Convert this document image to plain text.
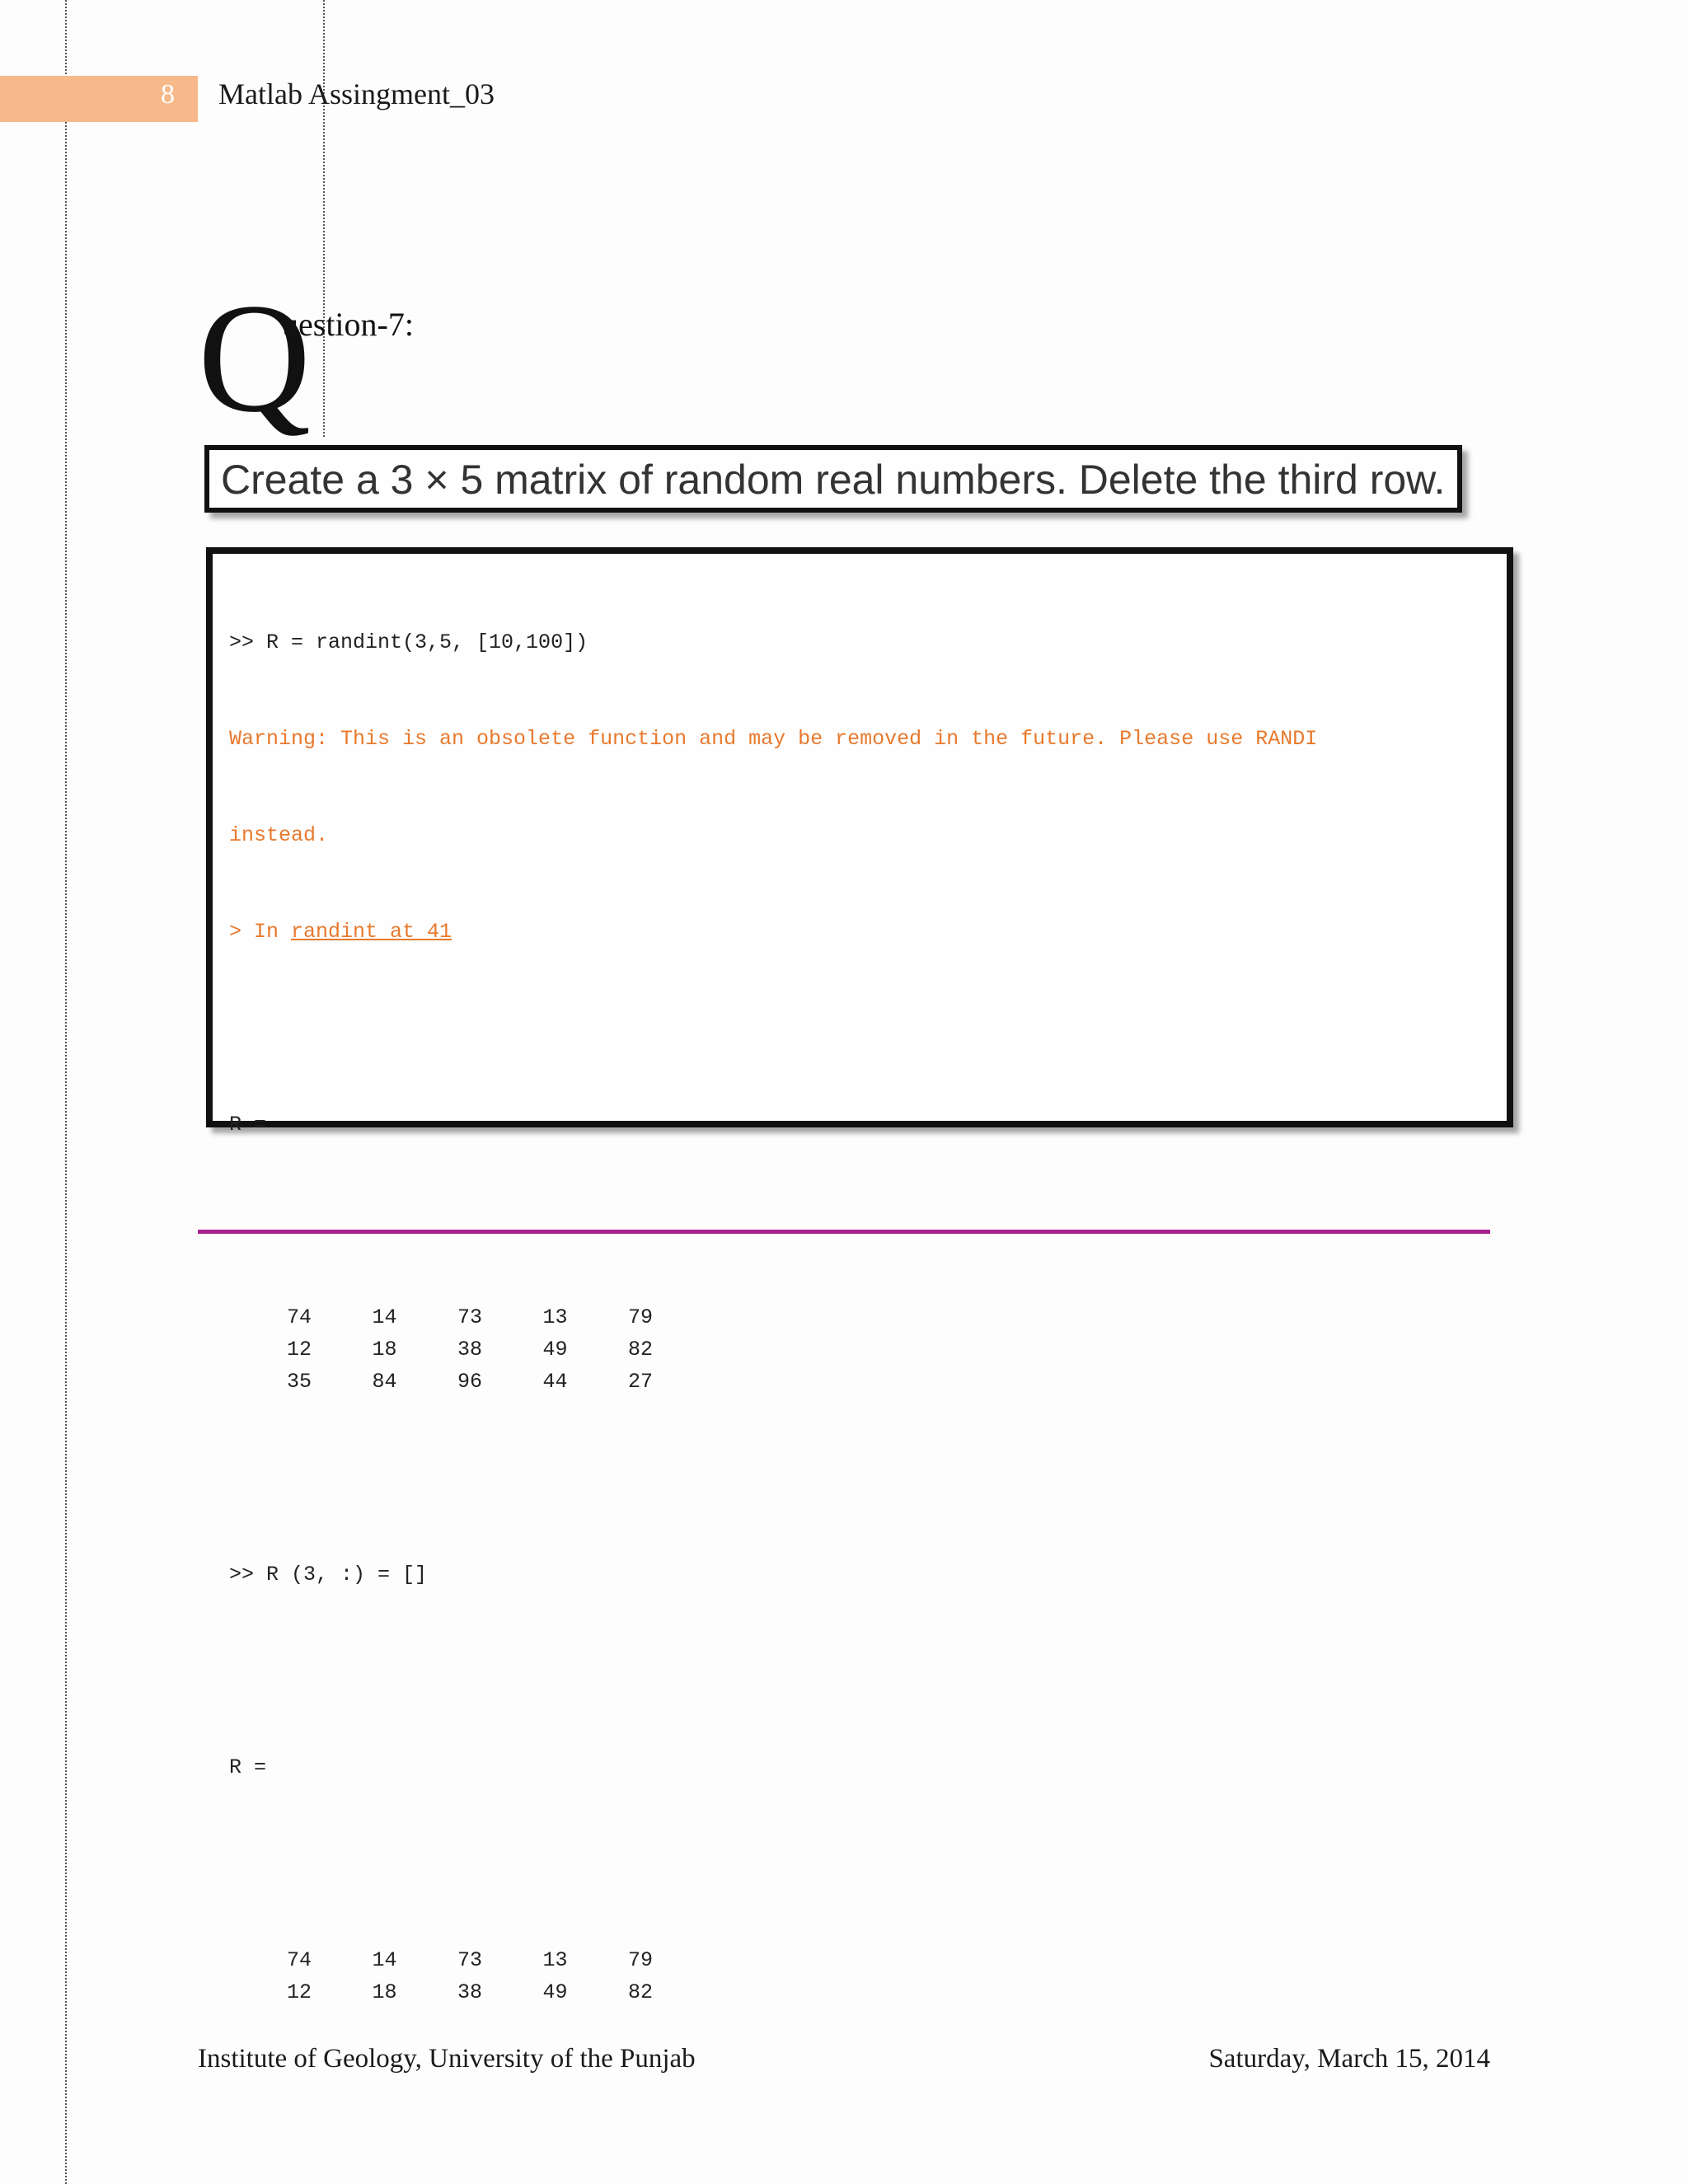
8 Matlab Assingment_03
Q
uestion-7:
Create a 3 × 5 matrix of random real numbers. Delete the third row.

>> R = randint(3,5, [10,100])

Warning: This is an obsolete function and may be removed in the future. Please use RANDI

instead.

> In randint at 41

R =

74	14	73	13	79
12	18	38	49	82
35	84	96	44	27

>> R (3, :) = []

R =

74	14	73	13	79
12	18	38	49	82

Institute of Geology, University of the Punjab	Saturday, March 15, 2014
